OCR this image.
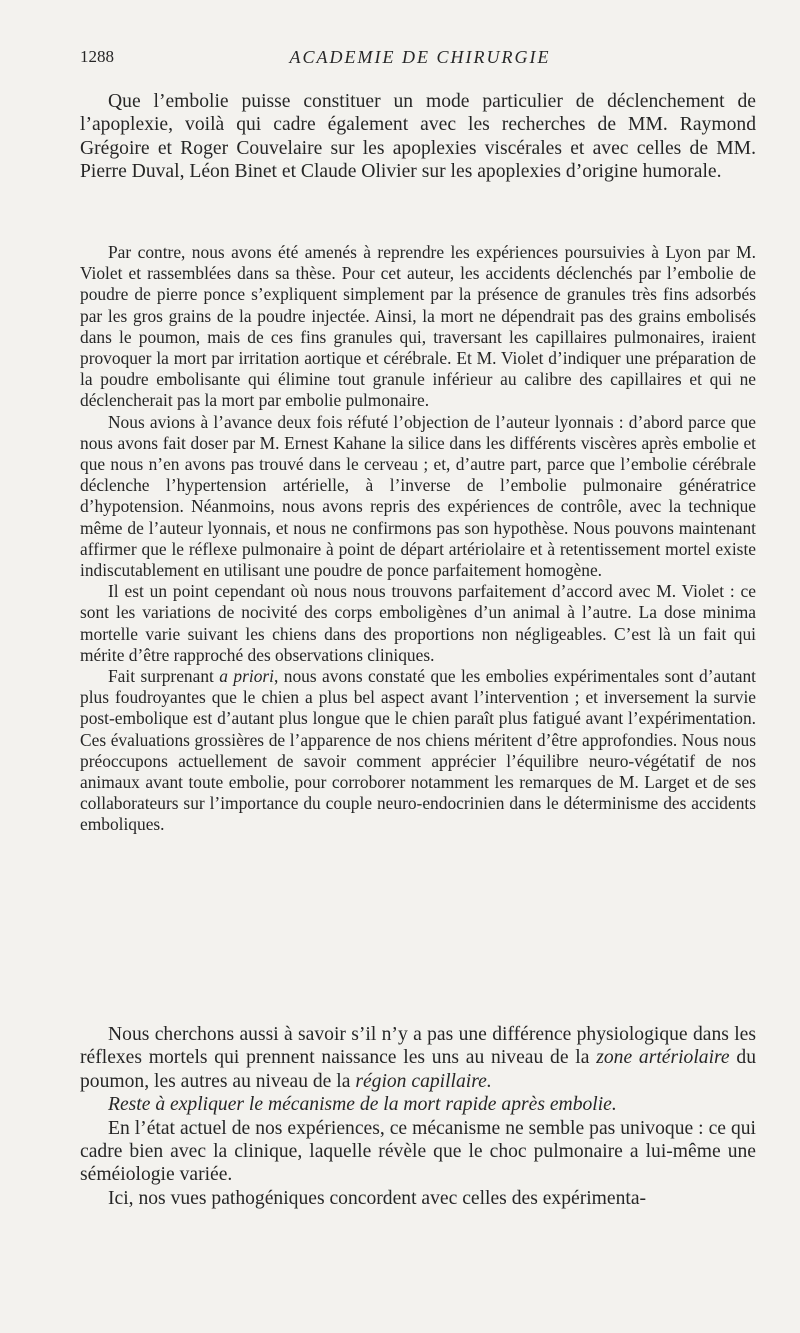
1288	ACADEMIE DE CHIRURGIE

Que l’embolie puisse constituer un mode particulier de déclenchement de l’apoplexie, voilà qui cadre également avec les recherches de MM. Raymond Grégoire et Roger Couvelaire sur les apoplexies viscérales et avec celles de MM. Pierre Duval, Léon Binet et Claude Olivier sur les apoplexies d’origine humorale.

Par contre, nous avons été amenés à reprendre les expériences poursuivies à Lyon par M. Violet et rassemblées dans sa thèse. Pour cet auteur, les accidents déclenchés par l’embolie de poudre de pierre ponce s’expliquent simplement par la présence de granules très fins adsorbés par les gros grains de la poudre injectée. Ainsi, la mort ne dépendrait pas des grains embolisés dans le poumon, mais de ces fins granules qui, traversant les capillaires pulmonaires, iraient provoquer la mort par irritation aortique et cérébrale. Et M. Violet d’indiquer une préparation de la poudre embolisante qui élimine tout granule inférieur au calibre des capillaires et qui ne déclencherait pas la mort par embolie pulmonaire.

Nous avions à l’avance deux fois réfuté l’objection de l’auteur lyonnais : d’abord parce que nous avons fait doser par M. Ernest Kahane la silice dans les différents viscères après embolie et que nous n’en avons pas trouvé dans le cerveau ; et, d’autre part, parce que l’embolie cérébrale déclenche l’hypertension artérielle, à l’inverse de l’embolie pulmonaire génératrice d’hypotension. Néanmoins, nous avons repris des expériences de contrôle, avec la technique même de l’auteur lyonnais, et nous ne confirmons pas son hypothèse. Nous pouvons maintenant affirmer que le réflexe pulmonaire à point de départ artériolaire et à retentissement mortel existe indiscutablement en utilisant une poudre de ponce parfaitement homogène.

Il est un point cependant où nous nous trouvons parfaitement d’accord avec M. Violet : ce sont les variations de nocivité des corps emboligènes d’un animal à l’autre. La dose minima mortelle varie suivant les chiens dans des proportions non négligeables. C’est là un fait qui mérite d’être rapproché des observations cliniques.

Fait surprenant a priori, nous avons constaté que les embolies expérimentales sont d’autant plus foudroyantes que le chien a plus bel aspect avant l’intervention ; et inversement la survie post-embolique est d’autant plus longue que le chien paraît plus fatigué avant l’expérimentation. Ces évaluations grossières de l’apparence de nos chiens méritent d’être approfondies. Nous nous préoccupons actuellement de savoir comment apprécier l’équilibre neuro-végétatif de nos animaux avant toute embolie, pour corroborer notamment les remarques de M. Larget et de ses collaborateurs sur l’importance du couple neuro-endocrinien dans le déterminisme des accidents emboliques.

Nous cherchons aussi à savoir s’il n’y a pas une différence physiologique dans les réflexes mortels qui prennent naissance les uns au niveau de la zone artériolaire du poumon, les autres au niveau de la région capillaire.

Reste à expliquer le mécanisme de la mort rapide après embolie.

En l’état actuel de nos expériences, ce mécanisme ne semble pas univoque : ce qui cadre bien avec la clinique, laquelle révèle que le choc pulmonaire a lui-même une séméiologie variée.

Ici, nos vues pathogéniques concordent avec celles des expérimenta-
